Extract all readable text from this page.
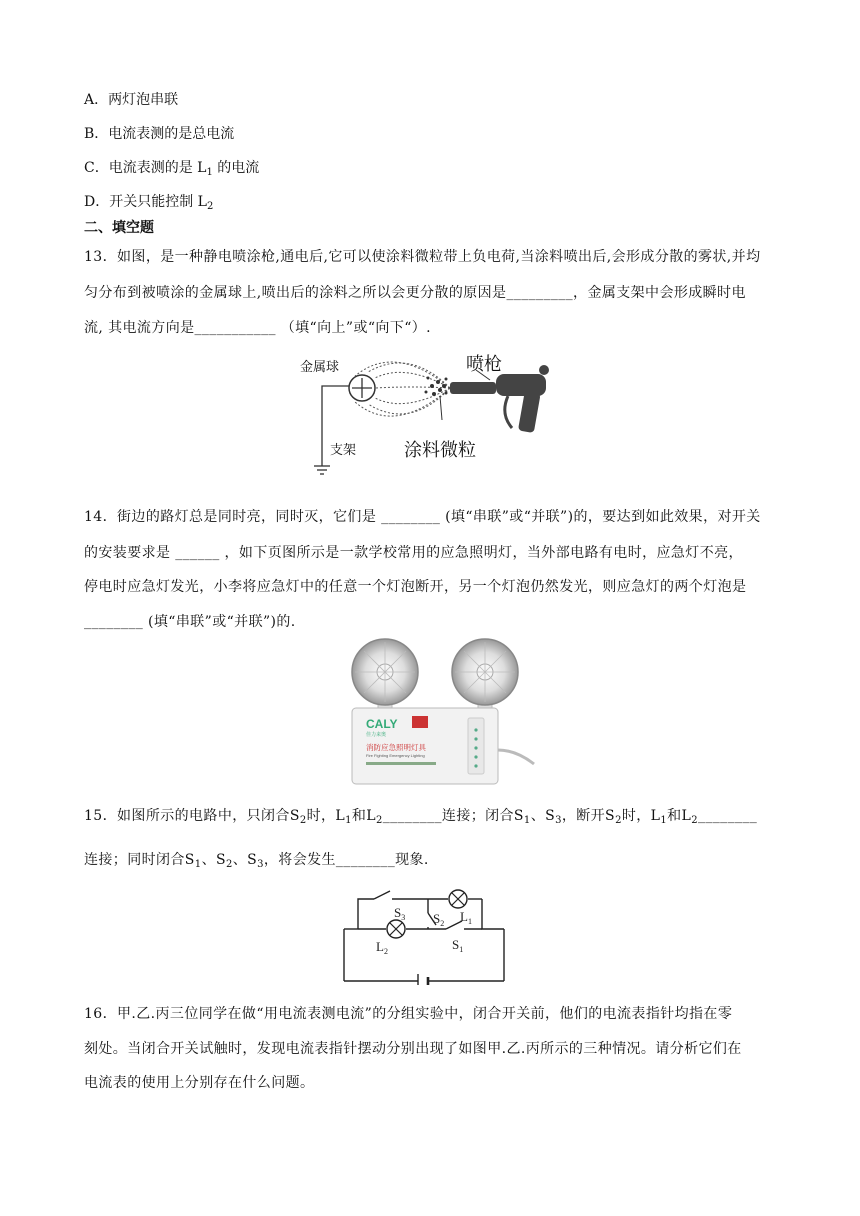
A．两灯泡串联
B．电流表测的是总电流
C．电流表测的是 $L_1$ 的电流
D．开关只能控制 $L_2$
二、填空题
13．如图，是一种静电喷涂枪,通电后,它可以使涂料微粒带上负电荷,当涂料喷出后,会形成分散的雾状,并均
匀分布到被喷涂的金属球上,喷出后的涂料之所以会更分散的原因是_________，金属支架中会形成瞬时电
流, 其电流方向是___________ （填“向上”或“向下“）.
金属球	喷枪
支架	涂料微粒
14．街边的路灯总是同时亮，同时灭，它们是 ________ (填“串联”或“并联”)的，要达到如此效果，对开关
的安装要求是 ______ ，如下页图所示是一款学校常用的应急照明灯，当外部电路有电时，应急灯不亮，
停电时应急灯发光，小李将应急灯中的任意一个灯泡断开，另一个灯泡仍然发光，则应急灯的两个灯泡是
________ (填“串联”或“并联”)的.
CALY
佳力来奥
消防应急照明灯具
Fire Fighting Emergency Lighting
15．如图所示的电路中，只闭合$S_2$时，$L_1$和$L_2\_\_\_\_\_\_\_\_$连接；闭合$S_1$、$S_3$，断开$S_2$时，$L_1$和$L_2\_\_\_\_\_\_\_\_$
连接；同时闭合$S_1$、$S_2$、$S_3$，将会发生________现象.
$S_3$ $S_2$ $L_1$
$L_2$	$S_1$
16．甲.乙.丙三位同学在做“用电流表测电流”的分组实验中，闭合开关前，他们的电流表指针均指在零
刻处。当闭合开关试触时，发现电流表指针摆动分别出现了如图甲.乙.丙所示的三种情况。请分析它们在
电流表的使用上分别存在什么问题。
